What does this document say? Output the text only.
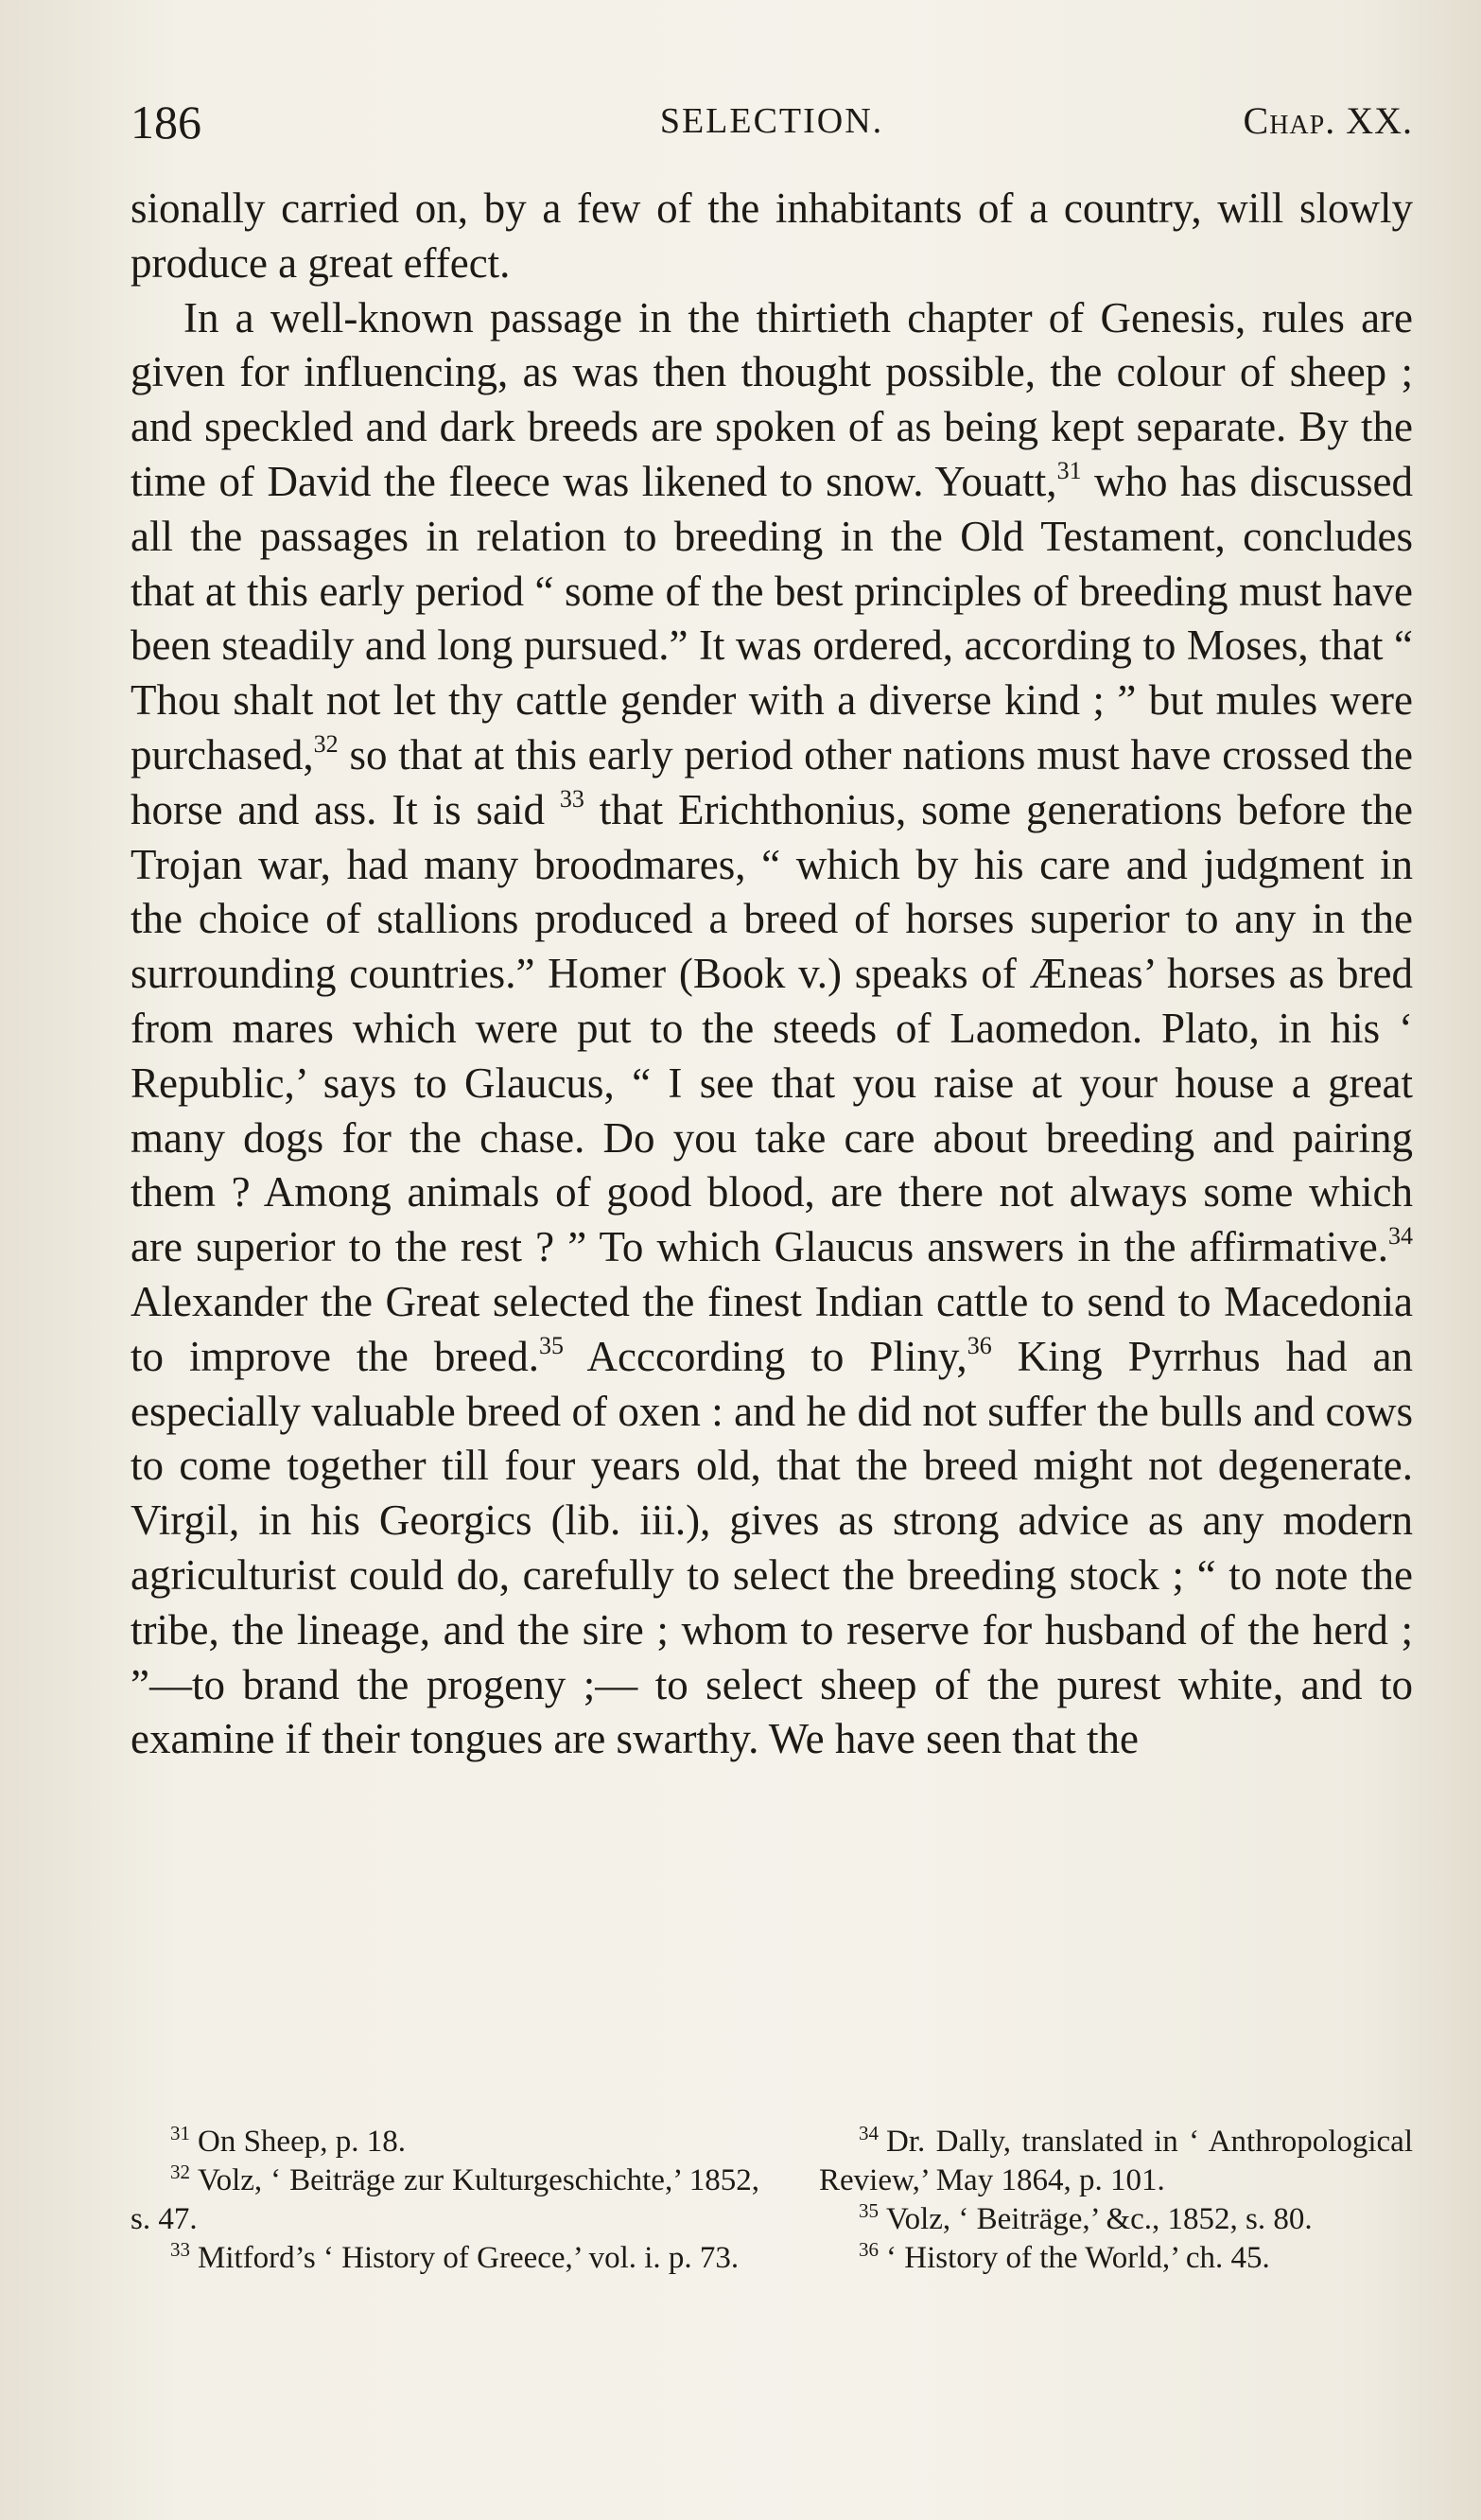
186	SELECTION.	Chap. XX.

sionally carried on, by a few of the inhabitants of a country, will slowly produce a great effect.

In a well-known passage in the thirtieth chapter of Genesis, rules are given for influencing, as was then thought possible, the colour of sheep ; and speckled and dark breeds are spoken of as being kept separate. By the time of David the fleece was likened to snow. Youatt,$^{31}$ who has discussed all the passages in relation to breeding in the Old Testament, concludes that at this early period “ some of the best principles of breeding must have been steadily and long pursued.” It was ordered, according to Moses, that “ Thou shalt not let thy cattle gender with a diverse kind ; ” but mules were purchased,$^{32}$ so that at this early period other nations must have crossed the horse and ass. It is said $^{33}$ that Erichthonius, some generations before the Trojan war, had many broodmares, “ which by his care and judgment in the choice of stallions produced a breed of horses superior to any in the surrounding countries.” Homer (Book v.) speaks of Æneas’ horses as bred from mares which were put to the steeds of Laomedon. Plato, in his ‘ Republic,’ says to Glaucus, “ I see that you raise at your house a great many dogs for the chase. Do you take care about breeding and pairing them ? Among animals of good blood, are there not always some which are superior to the rest ? ” To which Glaucus answers in the affirmative.$^{34}$ Alexander the Great selected the finest Indian cattle to send to Macedonia to improve the breed.$^{35}$ Acccording to Pliny,$^{36}$ King Pyrrhus had an especially valuable breed of oxen : and he did not suffer the bulls and cows to come together till four years old, that the breed might not degenerate. Virgil, in his Georgics (lib. iii.), gives as strong advice as any modern agriculturist could do, carefully to select the breeding stock ; “ to note the tribe, the lineage, and the sire ; whom to reserve for husband of the herd ; ”—to brand the progeny ;— to select sheep of the purest white, and to examine if their tongues are swarthy. We have seen that the

$^{31}$ On Sheep, p. 18.

$^{32}$ Volz, ‘ Beiträge zur Kulturgeschichte,’ 1852, s. 47.

$^{33}$ Mitford’s ‘ History of Greece,’ vol. i. p. 73.

$^{34}$ Dr. Dally, translated in ‘ Anthropological Review,’ May 1864, p. 101.

$^{35}$ Volz, ‘ Beiträge,’ &c., 1852, s. 80.

$^{36}$ ‘ History of the World,’ ch. 45.
